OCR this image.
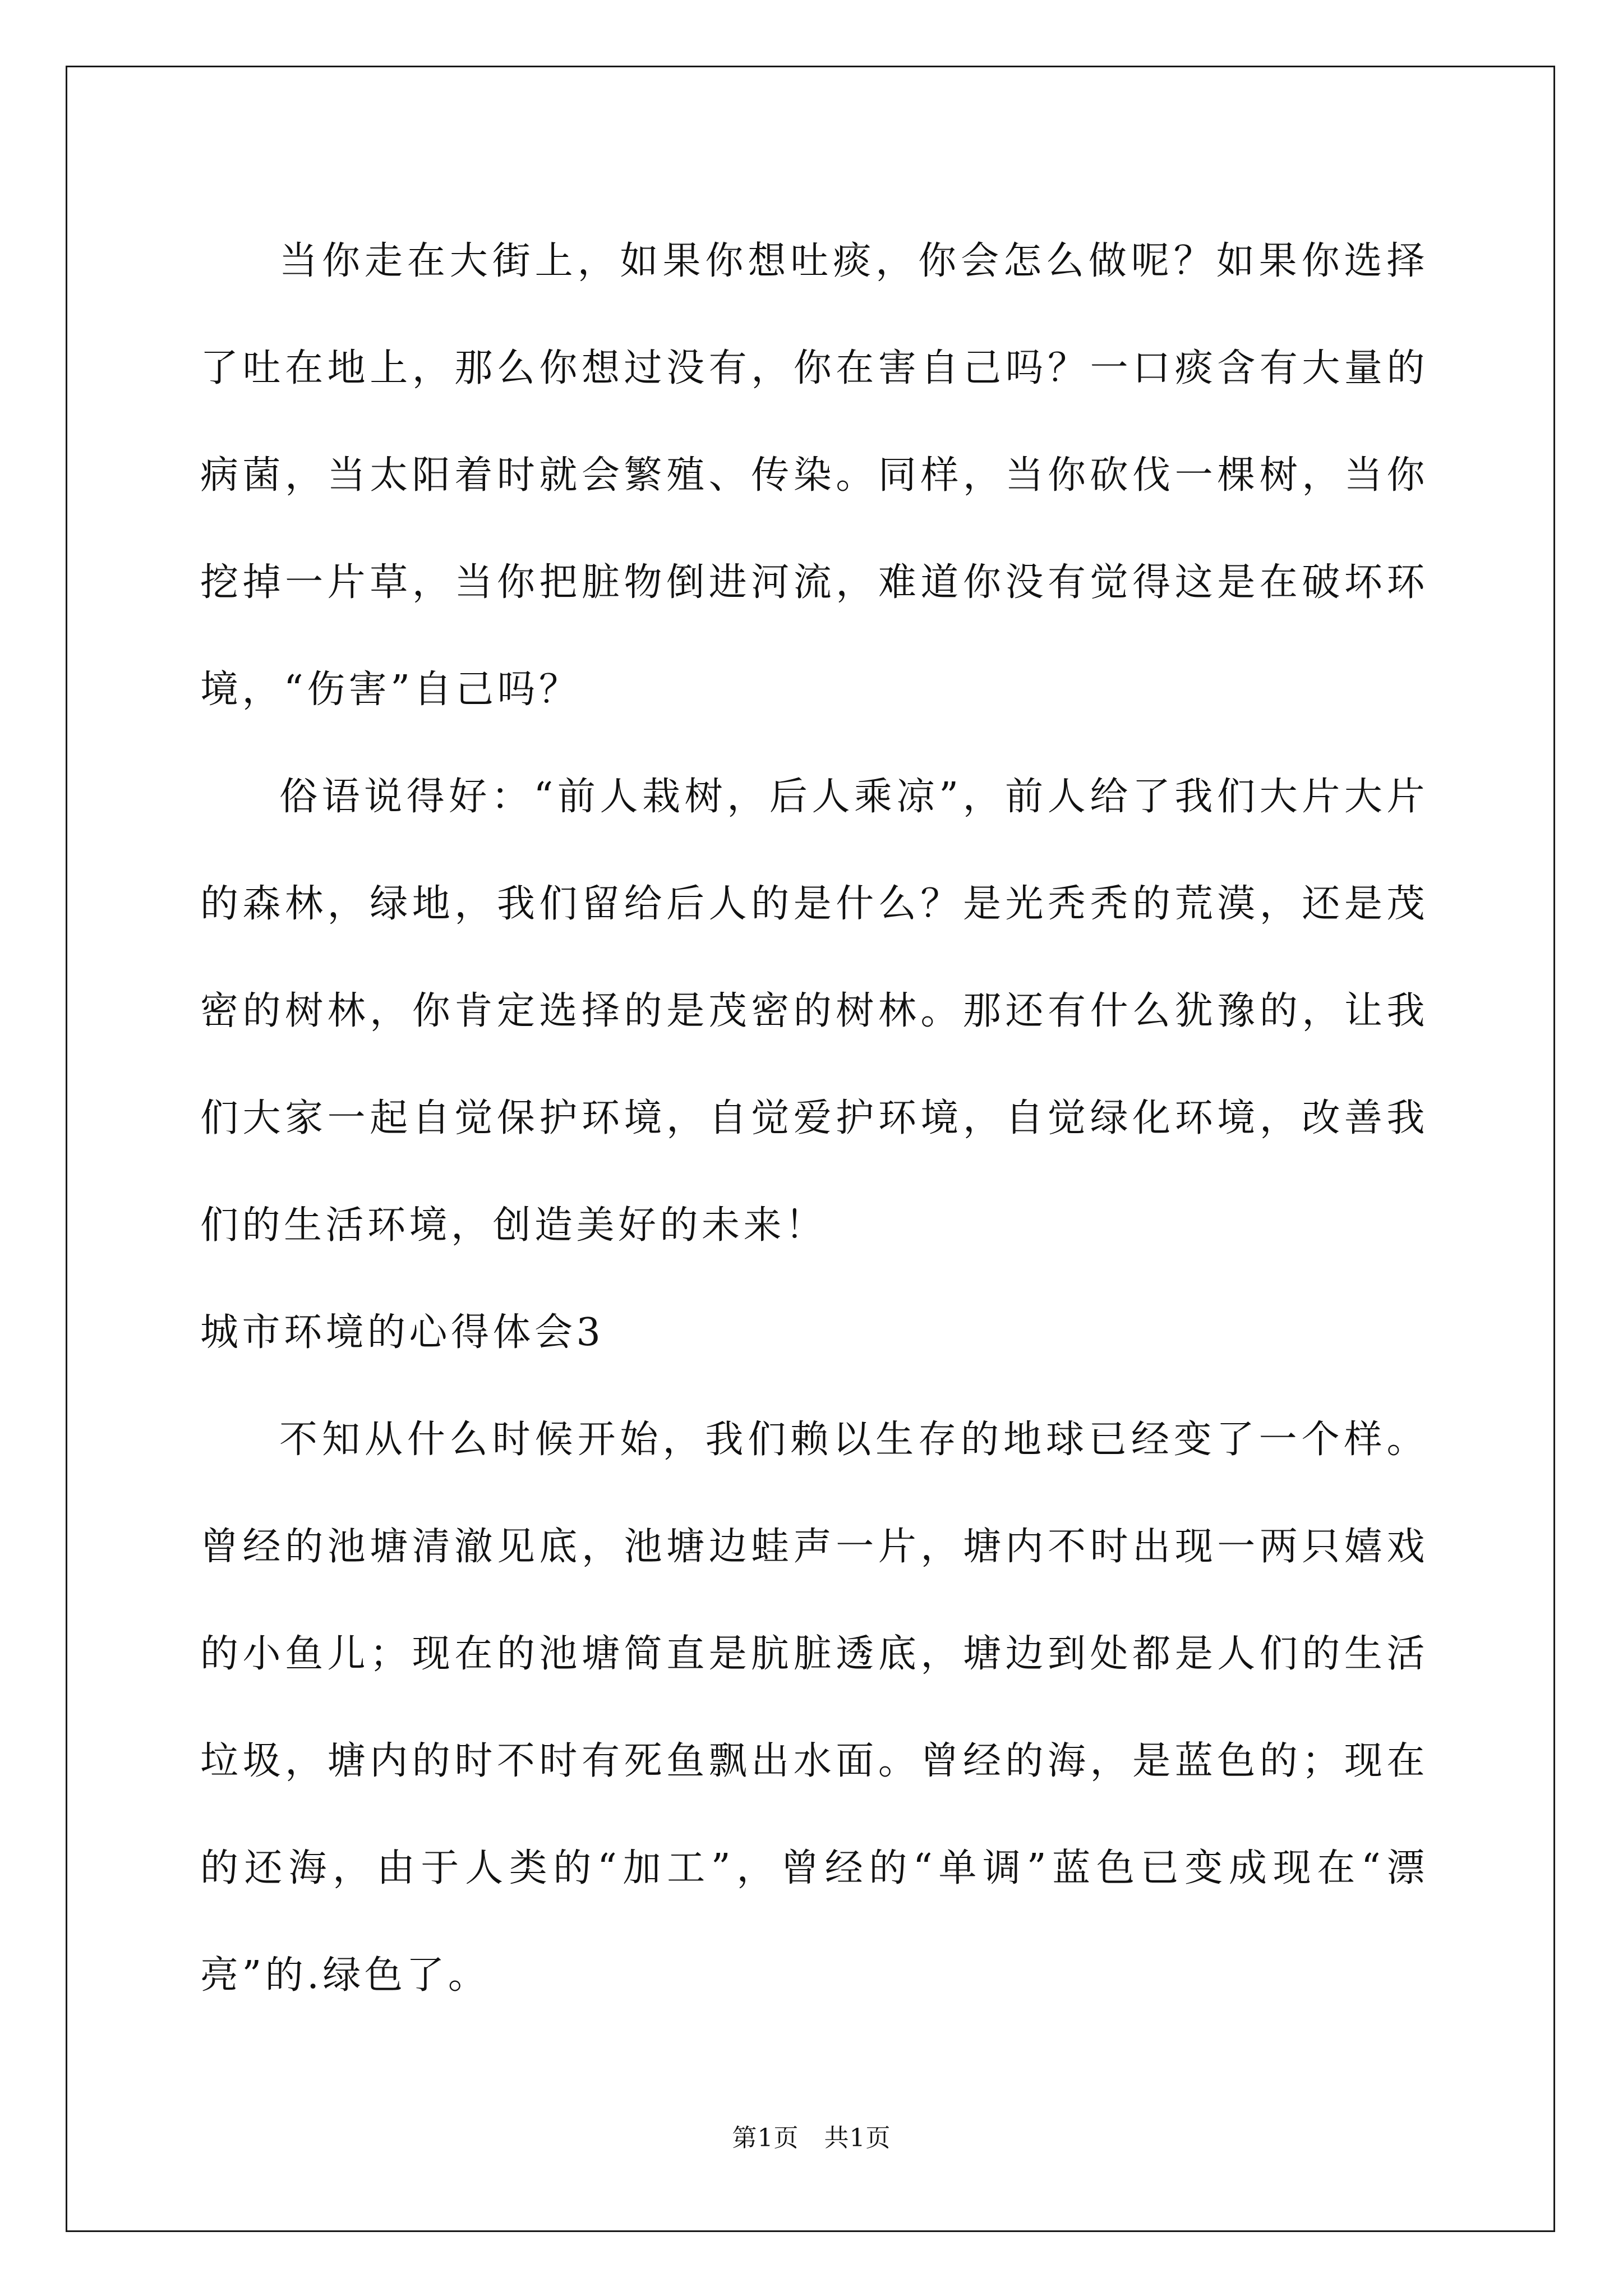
当你走在大街上，如果你想吐痰，你会怎么做呢？如果你选择了吐在地上，那么你想过没有，你在害自己吗？一口痰含有大量的病菌，当太阳着时就会繁殖、传染。同样，当你砍伐一棵树，当你挖掉一片草，当你把脏物倒进河流，难道你没有觉得这是在破坏环境，“伤害”自己吗？

俗语说得好：“前人栽树，后人乘凉”，前人给了我们大片大片的森林，绿地，我们留给后人的是什么？是光秃秃的荒漠，还是茂密的树林，你肯定选择的是茂密的树林。那还有什么犹豫的，让我们大家一起自觉保护环境，自觉爱护环境，自觉绿化环境，改善我们的生活环境，创造美好的未来！

城市环境的心得体会3

不知从什么时候开始，我们赖以生存的地球已经变了一个样。曾经的池塘清澈见底，池塘边蛙声一片，塘内不时出现一两只嬉戏的小鱼儿；现在的池塘简直是肮脏透底，塘边到处都是人们的生活垃圾，塘内的时不时有死鱼飘出水面。曾经的海，是蓝色的；现在的还海，由于人类的“加工”，曾经的“单调”蓝色已变成现在“漂亮”的.绿色了。

第1页　共1页
